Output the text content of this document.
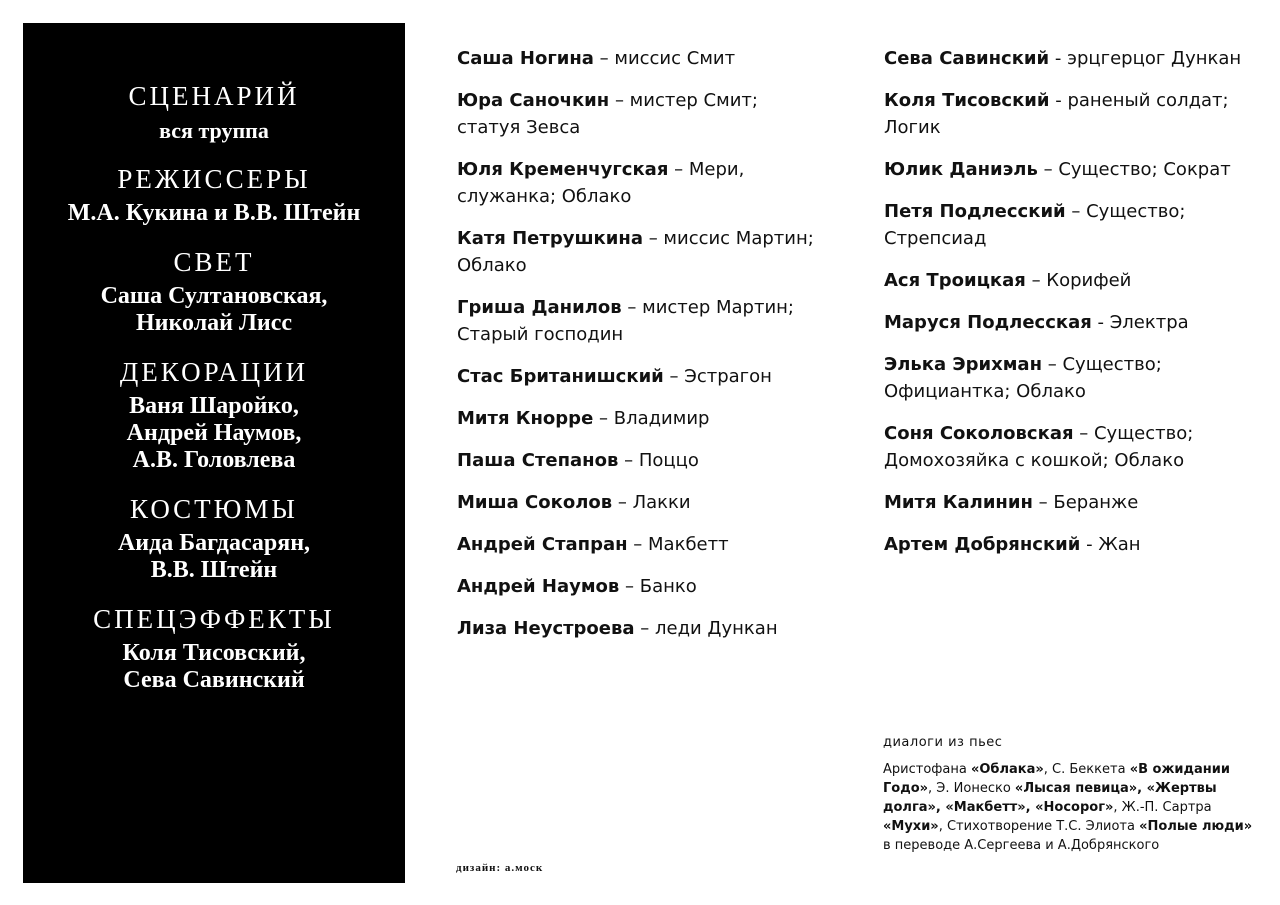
СЦЕНАРИЙ
вся труппа
РЕЖИССЕРЫ
М.А. Кукина и В.В. Штейн
СВЕТ
Саша Султановская,
Николай Лисс
ДЕКОРАЦИИ
Ваня Шаройко,
Андрей Наумов,
А.В. Головлева
КОСТЮМЫ
Аида Багдасарян,
В.В. Штейн
СПЕЦЭФФЕКТЫ
Коля Тисовский,
Сева Савинский
Саша Ногина – миссис Смит
Юра Саночкин – мистер Смит; статуя Зевса
Юля Кременчугская – Мери, служанка; Облако
Катя Петрушкина – миссис Мартин; Облако
Гриша Данилов – мистер Мартин; Старый господин
Стас Британишский – Эстрагон
Митя Кнорре – Владимир
Паша Степанов – Поццо
Миша Соколов – Лакки
Андрей Стапран – Макбетт
Андрей Наумов – Банко
Лиза Неустроева – леди Дункан
Сева Савинский - эрцгерцог Дункан
Коля Тисовский - раненый солдат; Логик
Юлик Даниэль – Существо; Сократ
Петя Подлесский – Существо; Стрепсиад
Ася Троицкая – Корифей
Маруся Подлесская - Электра
Элька Эрихман – Существо; Официантка; Облако
Соня Соколовская – Существо; Домохозяйка с кошкой; Облако
Митя Калинин – Беранже
Артем Добрянский - Жан
диалоги из пьес
Аристофана «Облака», С. Беккета «В ожидании Годо», Э. Ионеско «Лысая певица», «Жертвы долга», «Макбетт», «Носорог», Ж.-П. Сартра «Мухи», Стихотворение Т.С. Элиота «Полые люди» в переводе А.Сергеева и А.Добрянского
дизайн: а.моск
